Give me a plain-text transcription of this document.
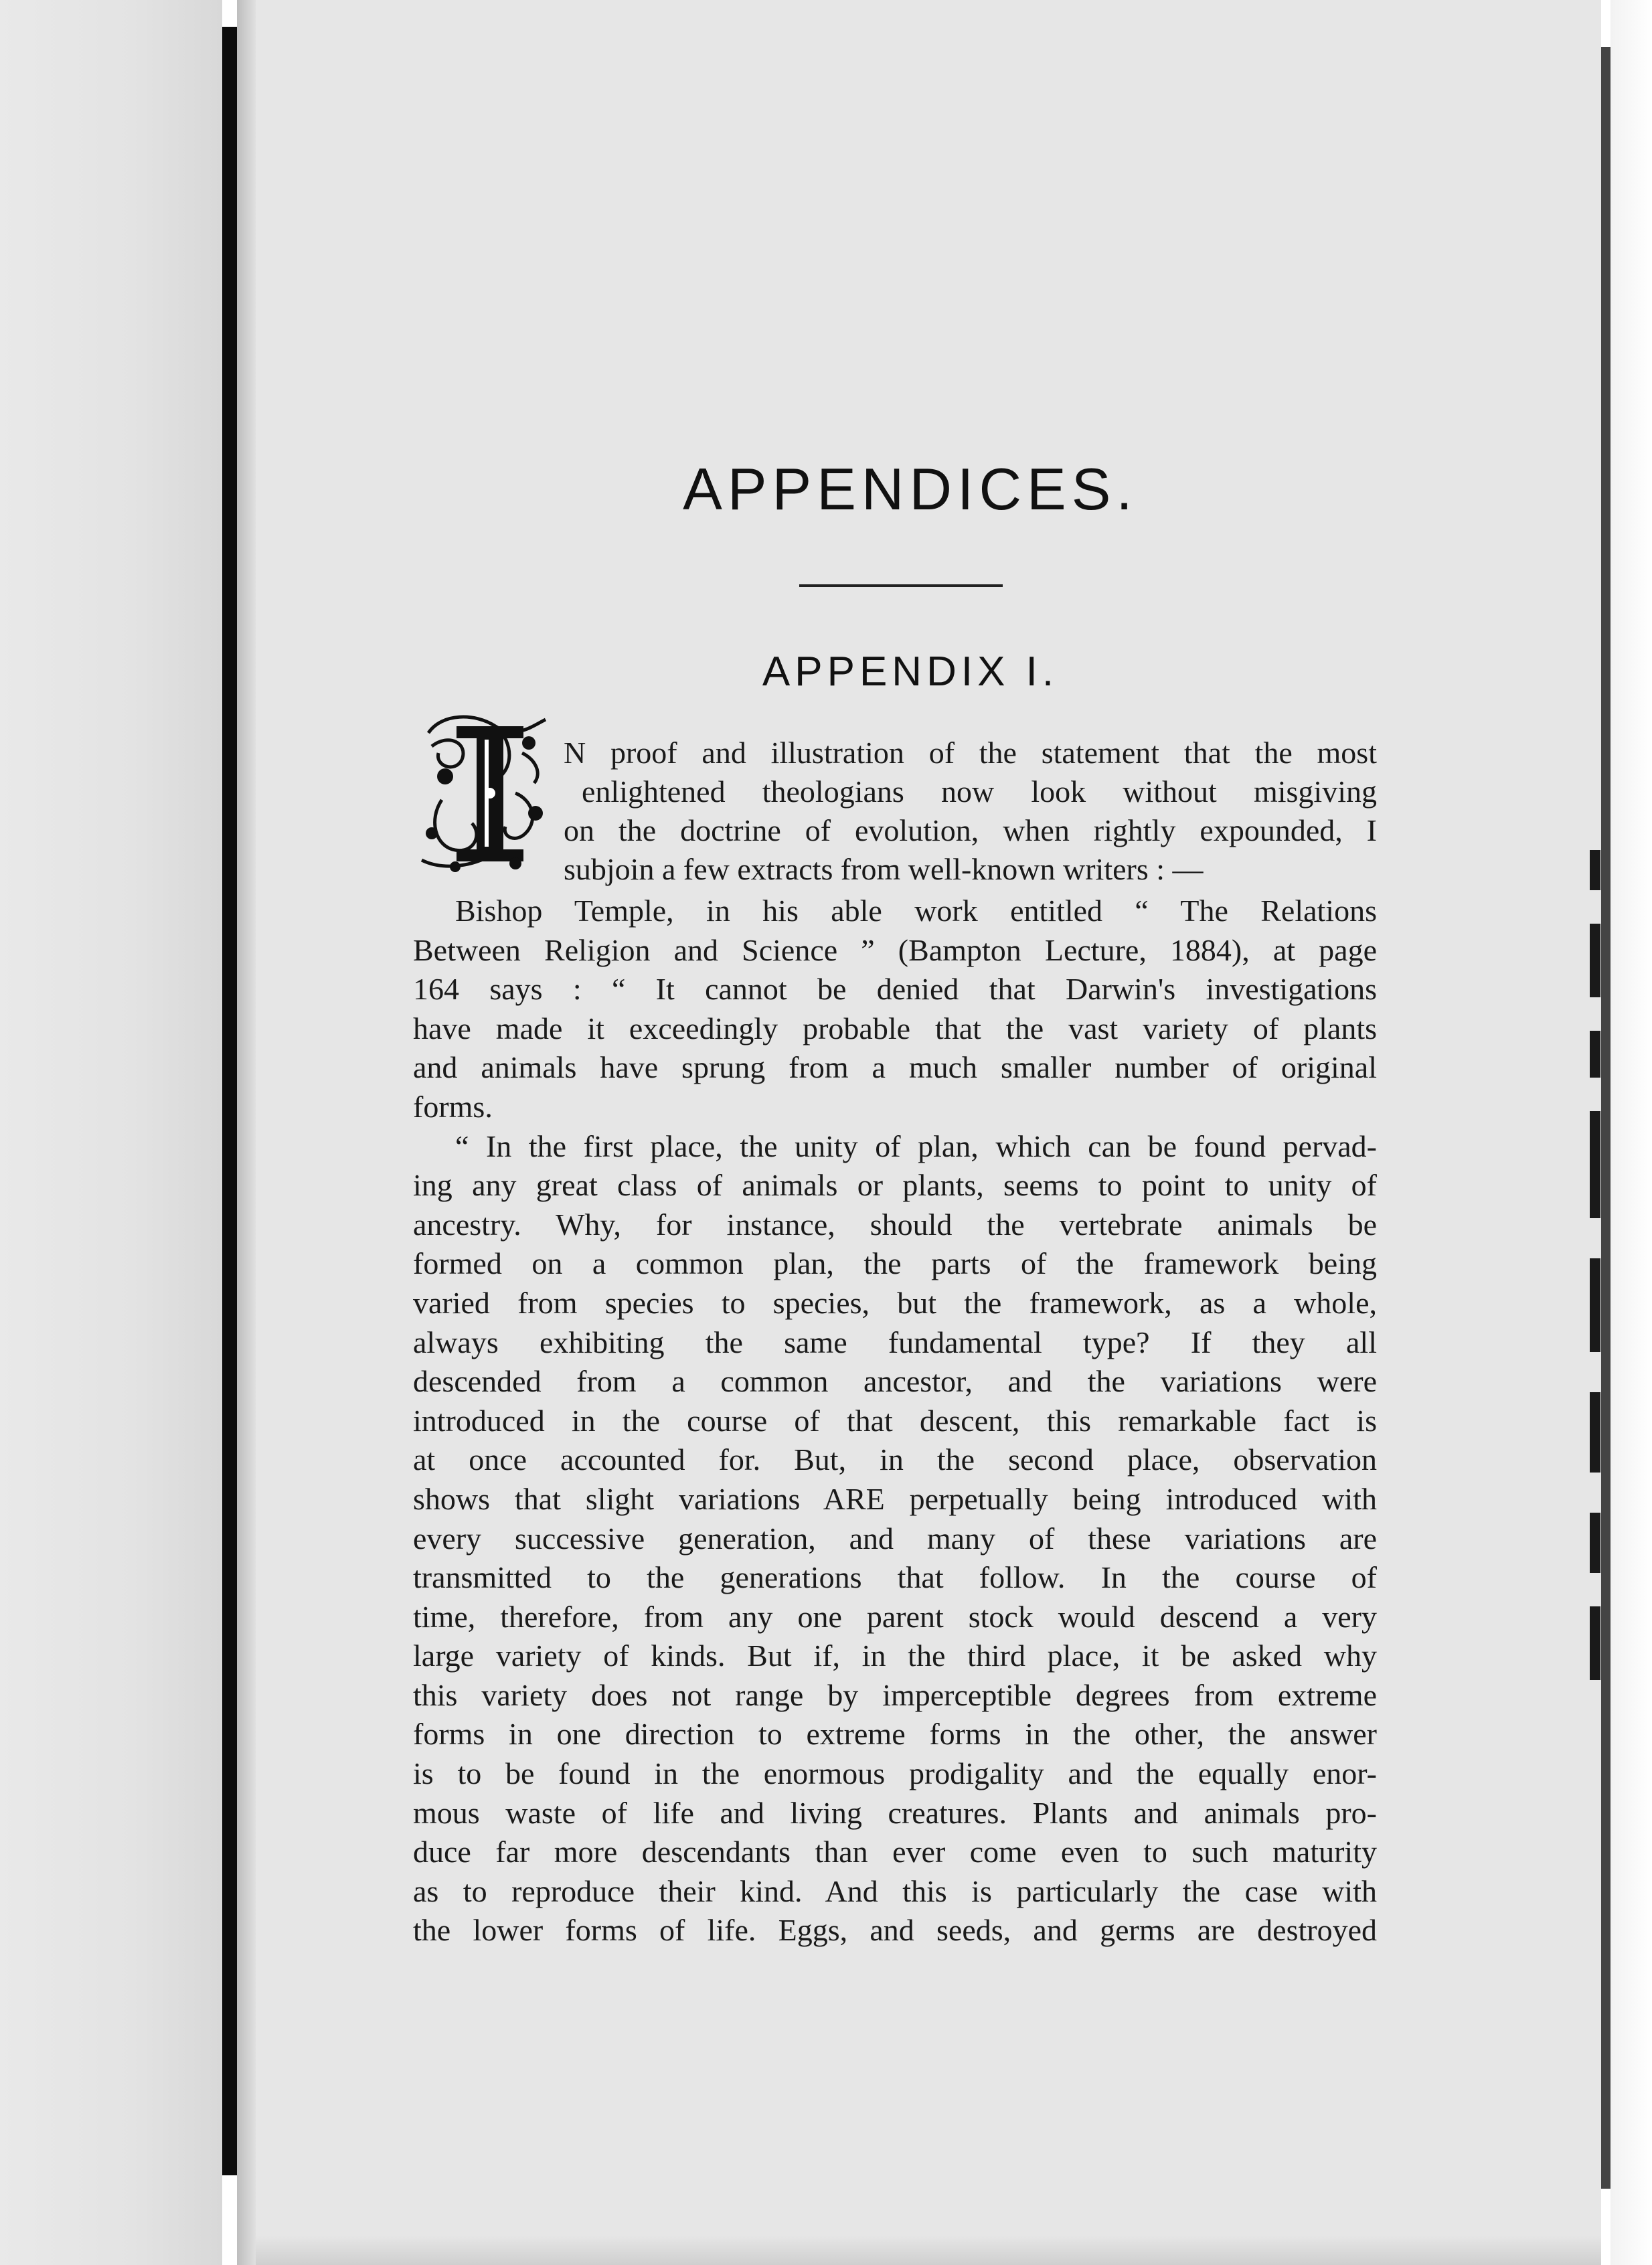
APPENDICES.
APPENDIX I.
N proof and illustration of the statement that the most
enlightened theologians now look without misgiving
on the doctrine of evolution, when rightly expounded, I
subjoin a few extracts from well-known writers : —
Bishop Temple, in his able work entitled “ The Relations
Between Religion and Science ” (Bampton Lecture, 1884), at page
164 says : “ It cannot be denied that Darwin's investigations
have made it exceedingly probable that the vast variety of plants
and animals have sprung from a much smaller number of original
forms.
“ In the first place, the unity of plan, which can be found pervad-
ing any great class of animals or plants, seems to point to unity of
ancestry. Why, for instance, should the vertebrate animals be
formed on a common plan, the parts of the framework being
varied from species to species, but the framework, as a whole,
always exhibiting the same fundamental type? If they all
descended from a common ancestor, and the variations were
introduced in the course of that descent, this remarkable fact is
at once accounted for. But, in the second place, observation
shows that slight variations ARE perpetually being introduced with
every successive generation, and many of these variations are
transmitted to the generations that follow. In the course of
time, therefore, from any one parent stock would descend a very
large variety of kinds. But if, in the third place, it be asked why
this variety does not range by imperceptible degrees from extreme
forms in one direction to extreme forms in the other, the answer
is to be found in the enormous prodigality and the equally enor-
mous waste of life and living creatures. Plants and animals pro-
duce far more descendants than ever come even to such maturity
as to reproduce their kind. And this is particularly the case with
the lower forms of life. Eggs, and seeds, and germs are destroyed
